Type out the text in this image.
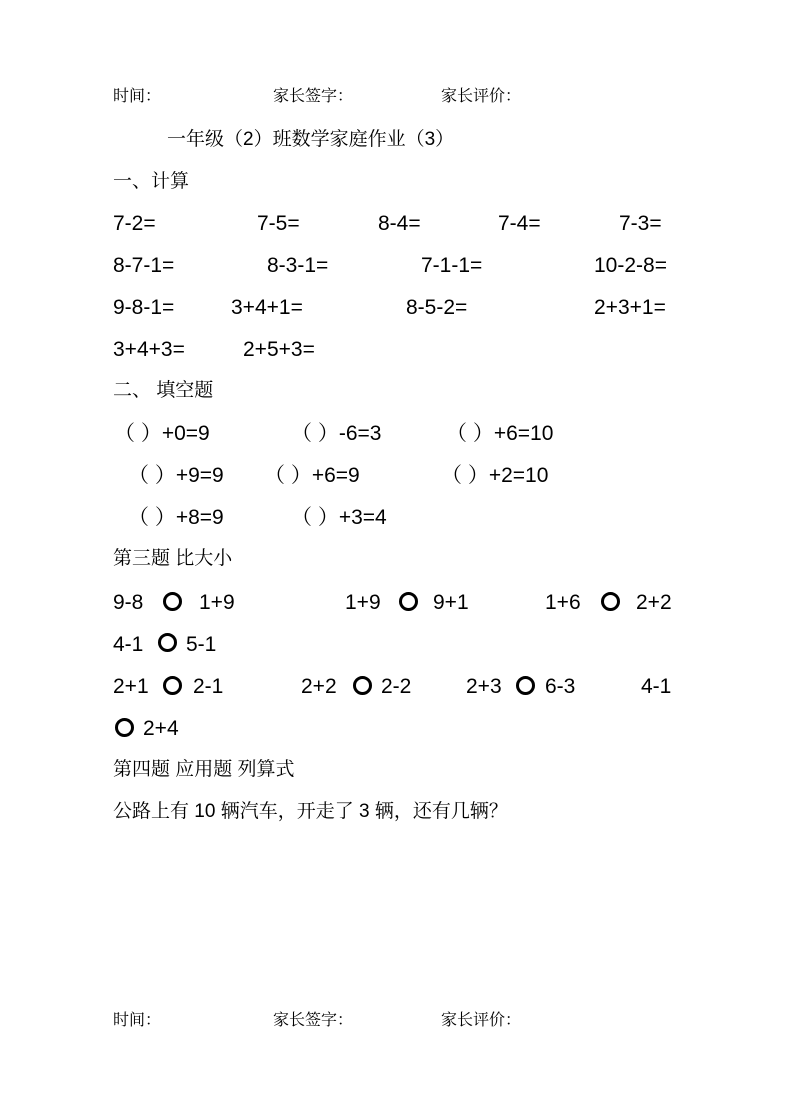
时间：	家长签字：	家长评价：
一年级（2）班数学家庭作业（3）
一、计算
7-2=	7-5=	8-4=	7-4=	7-3=
8-7-1=	8-3-1=	7-1-1=	10-2-8=
9-8-1=	3+4+1=	8-5-2=	2+3+1=
3+4+3=	2+5+3=
二、 填空题
（ ）+0=9	（ ）-6=3	（ ）+6=10
（ ）+9=9 （ ）+6=9	（ ）+2=10
（ ）+8=9	（ ）+3=4
第三题 比大小
9-8	1+9	1+9 9+1	1+6	2+2
4-1 5-1
2+1 2-1	2+2 2-2	2+3 6-3	4-1
2+4
第四题 应用题 列算式
公路上有 10 辆汽车，开走了 3 辆，还有几辆？
时间：	家长签字：	家长评价：
